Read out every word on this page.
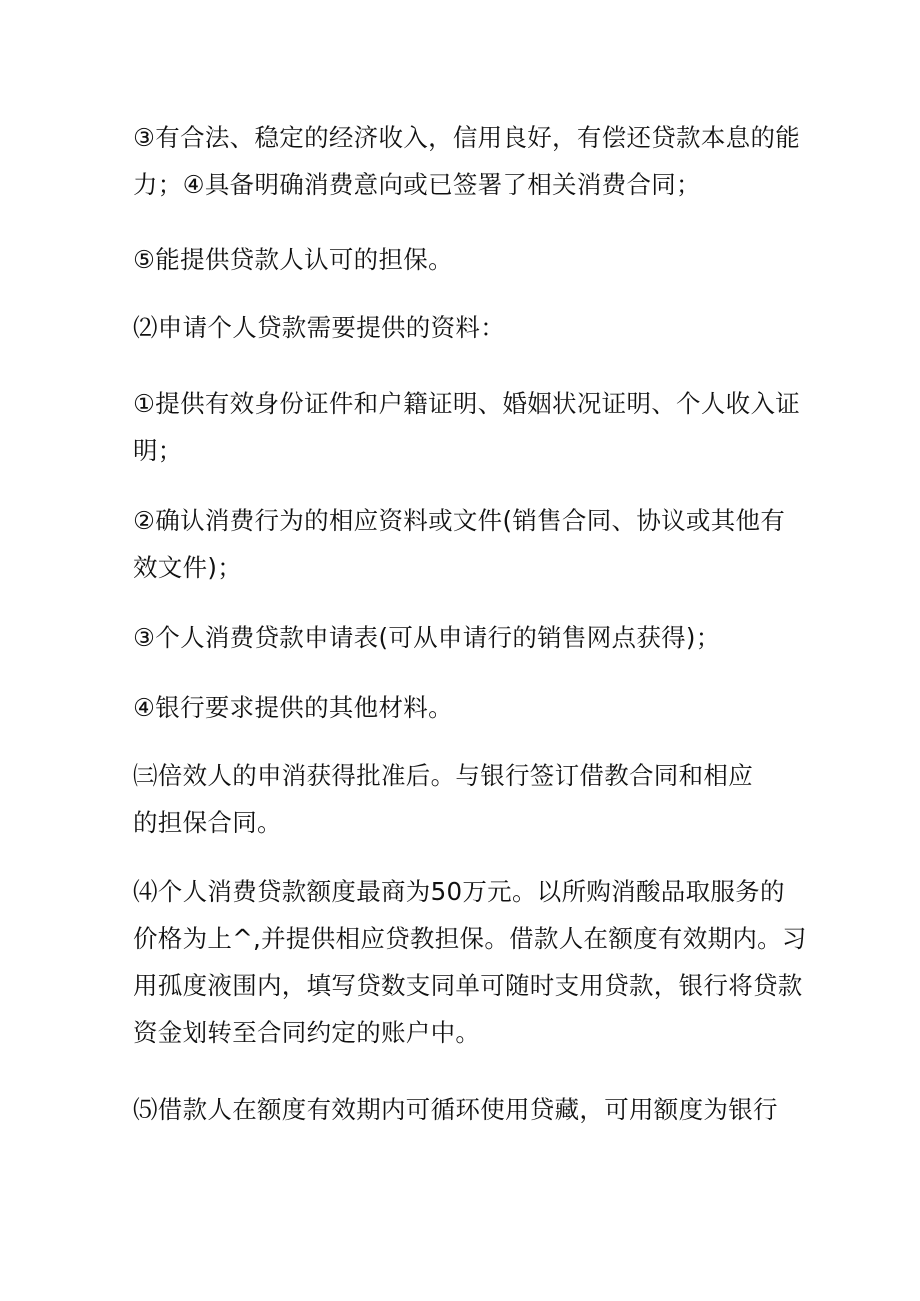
③有合法、稳定的经济收入，信用良好，有偿还贷款本息的能
力；④具备明确消费意向或已签署了相关消费合同；
⑤能提供贷款人认可的担保。
⑵申请个人贷款需要提供的资料：
①提供有效身份证件和户籍证明、婚姻状况证明、个人收入证
明；
②确认消费行为的相应资料或文件(销售合同、协议或其他有
效文件)；
③个人消费贷款申请表(可从申请行的销售网点获得)；
④银行要求提供的其他材料。
㈢倍效人的申消获得批准后。与银行签订借教合同和相应
的担保合同。
⑷个人消费贷款额度最商为50万元。以所购消酸品取服务的
价格为上^,并提供相应贷教担保。借款人在额度有效期内。习
用孤度液围内，填写贷数支同单可随时支用贷款，银行将贷款
资金划转至合同约定的账户中。
⑸借款人在额度有效期内可循环使用贷藏，可用额度为银行
